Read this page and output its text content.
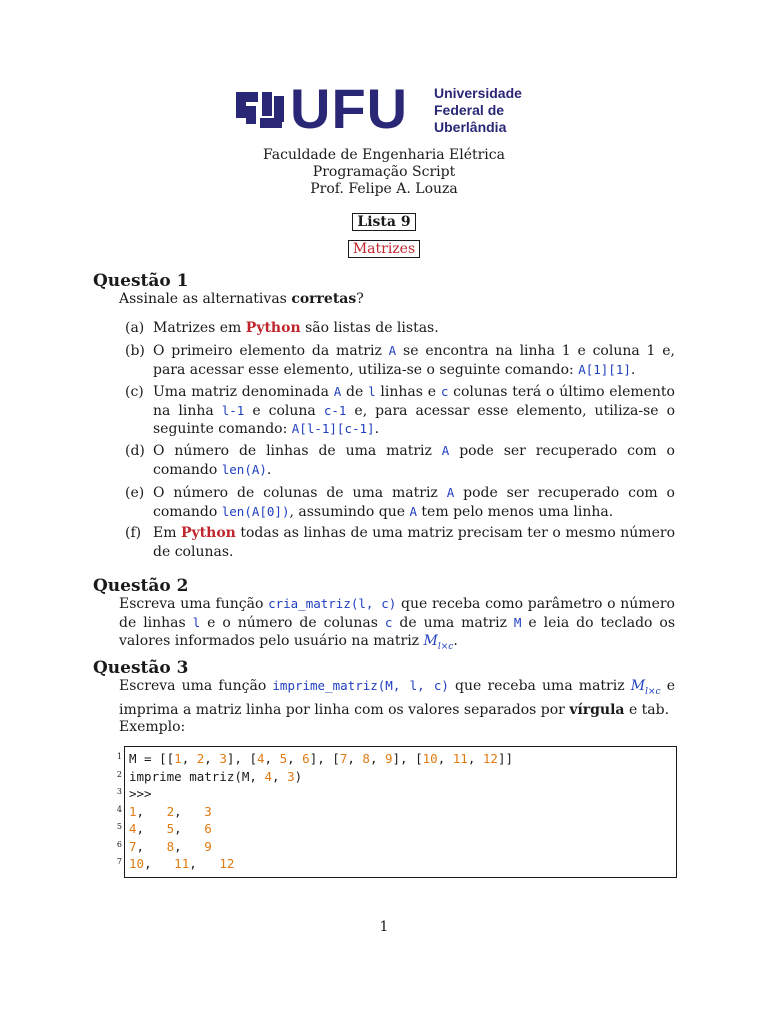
UFU Universidade
Federal de
Uberlândia
Faculdade de Engenharia Elétrica
Programação Script
Prof. Felipe A. Louza
Lista 9
Matrizes
Questão 1
Assinale as alternativas corretas?
(a) Matrizes em Python são listas de listas.
(b) O primeiro elemento da matriz A se encontra na linha 1 e coluna 1 e, para acessar esse elemento, utiliza-se o seguinte comando: A[1][1].
(c) Uma matriz denominada A de l linhas e c colunas terá o último elemento na linha l-1 e coluna c-1 e, para acessar esse elemento, utiliza-se o seguinte comando: A[l-1][c-1].
(d) O número de linhas de uma matriz A pode ser recuperado com o comando len(A).
(e) O número de colunas de uma matriz A pode ser recuperado com o comando len(A[0]), assumindo que A tem pelo menos uma linha.
(f) Em Python todas as linhas de uma matriz precisam ter o mesmo número de colunas.
Questão 2
Escreva uma função cria_matriz(l, c) que receba como parâmetro o número de linhas l e o número de colunas c de uma matriz M e leia do teclado os valores informados pelo usuário na matriz $M_{l\times c}$.
Questão 3
Escreva uma função imprime_matriz(M, l, c) que receba uma matriz $M_{l\times c}$ e imprima a matriz linha por linha com os valores separados por vírgula e tab.
Exemplo:
1
2
3
4
5
6
7
M = [[1, 2, 3], [4, 5, 6], [7, 8, 9], [10, 11, 12]]
imprime matriz(M, 4, 3)
>>>
1,   2,   3
4,   5,   6
7,   8,   9
10,   11,   12
1
